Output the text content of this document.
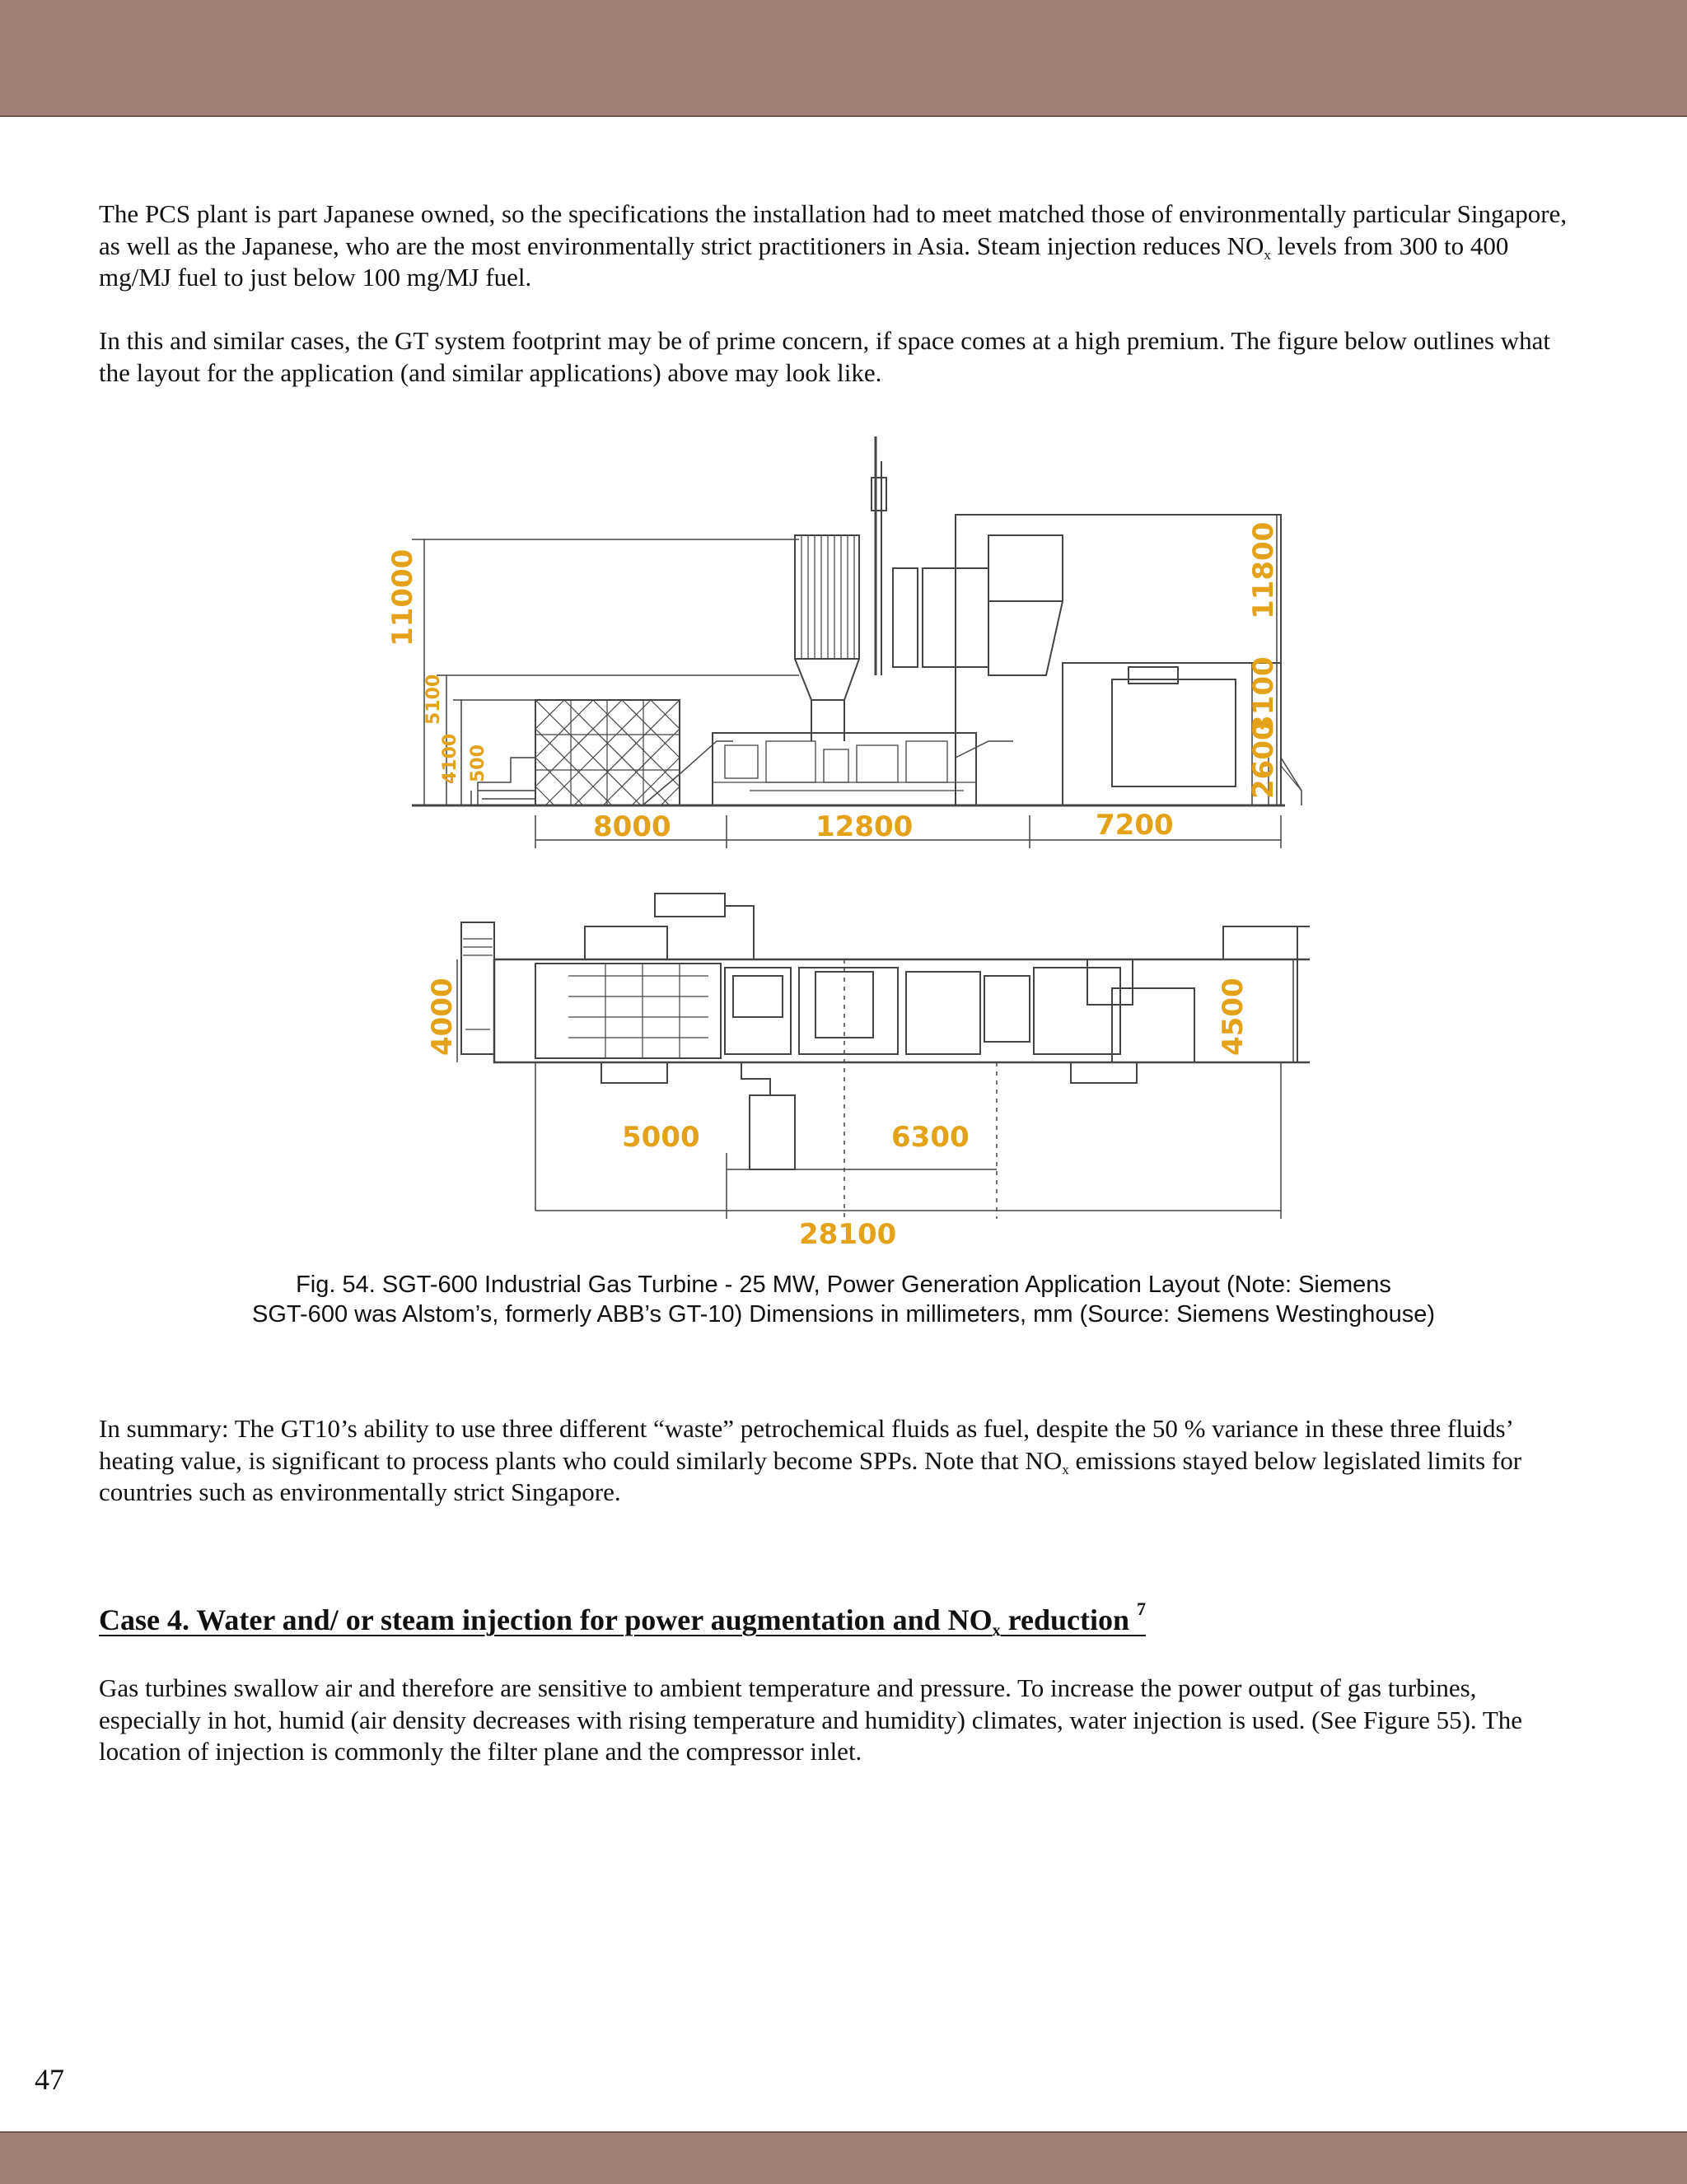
The PCS plant is part Japanese owned, so the specifications the installation had to meet matched those of environmentally particular Singapore, as well as the Japanese, who are the most environmentally strict practitioners in Asia. Steam injection reduces $NO_x$ levels from 300 to 400 mg/MJ fuel to just below 100 mg/MJ fuel.

In this and similar cases, the GT system footprint may be of prime concern, if space comes at a high premium. The figure below outlines what the layout for the application (and similar applications) above may look like.

11000
5100
4100 500
11800
3100
2600
8000	12800	7200
4000	4500
5000	6300
28100

Fig. 54. SGT-600 Industrial Gas Turbine - 25 MW, Power Generation Application Layout (Note: Siemens
SGT-600 was Alstom’s, formerly ABB’s GT-10) Dimensions in millimeters, mm (Source: Siemens Westinghouse)

In summary: The GT10’s ability to use three different “waste” petrochemical fluids as fuel, despite the 50 % variance in these three fluids’ heating value, is significant to process plants who could similarly become SPPs. Note that $NO_x$ emissions stayed below legislated limits for countries such as environmentally strict Singapore.

Case 4. Water and/ or steam injection for power augmentation and $NO_x$ reduction $^7$

Gas turbines swallow air and therefore are sensitive to ambient temperature and pressure. To increase the power output of gas turbines, especially in hot, humid (air density decreases with rising temperature and humidity) climates, water injection is used. (See Figure 55). The location of injection is commonly the filter plane and the compressor inlet.

47
